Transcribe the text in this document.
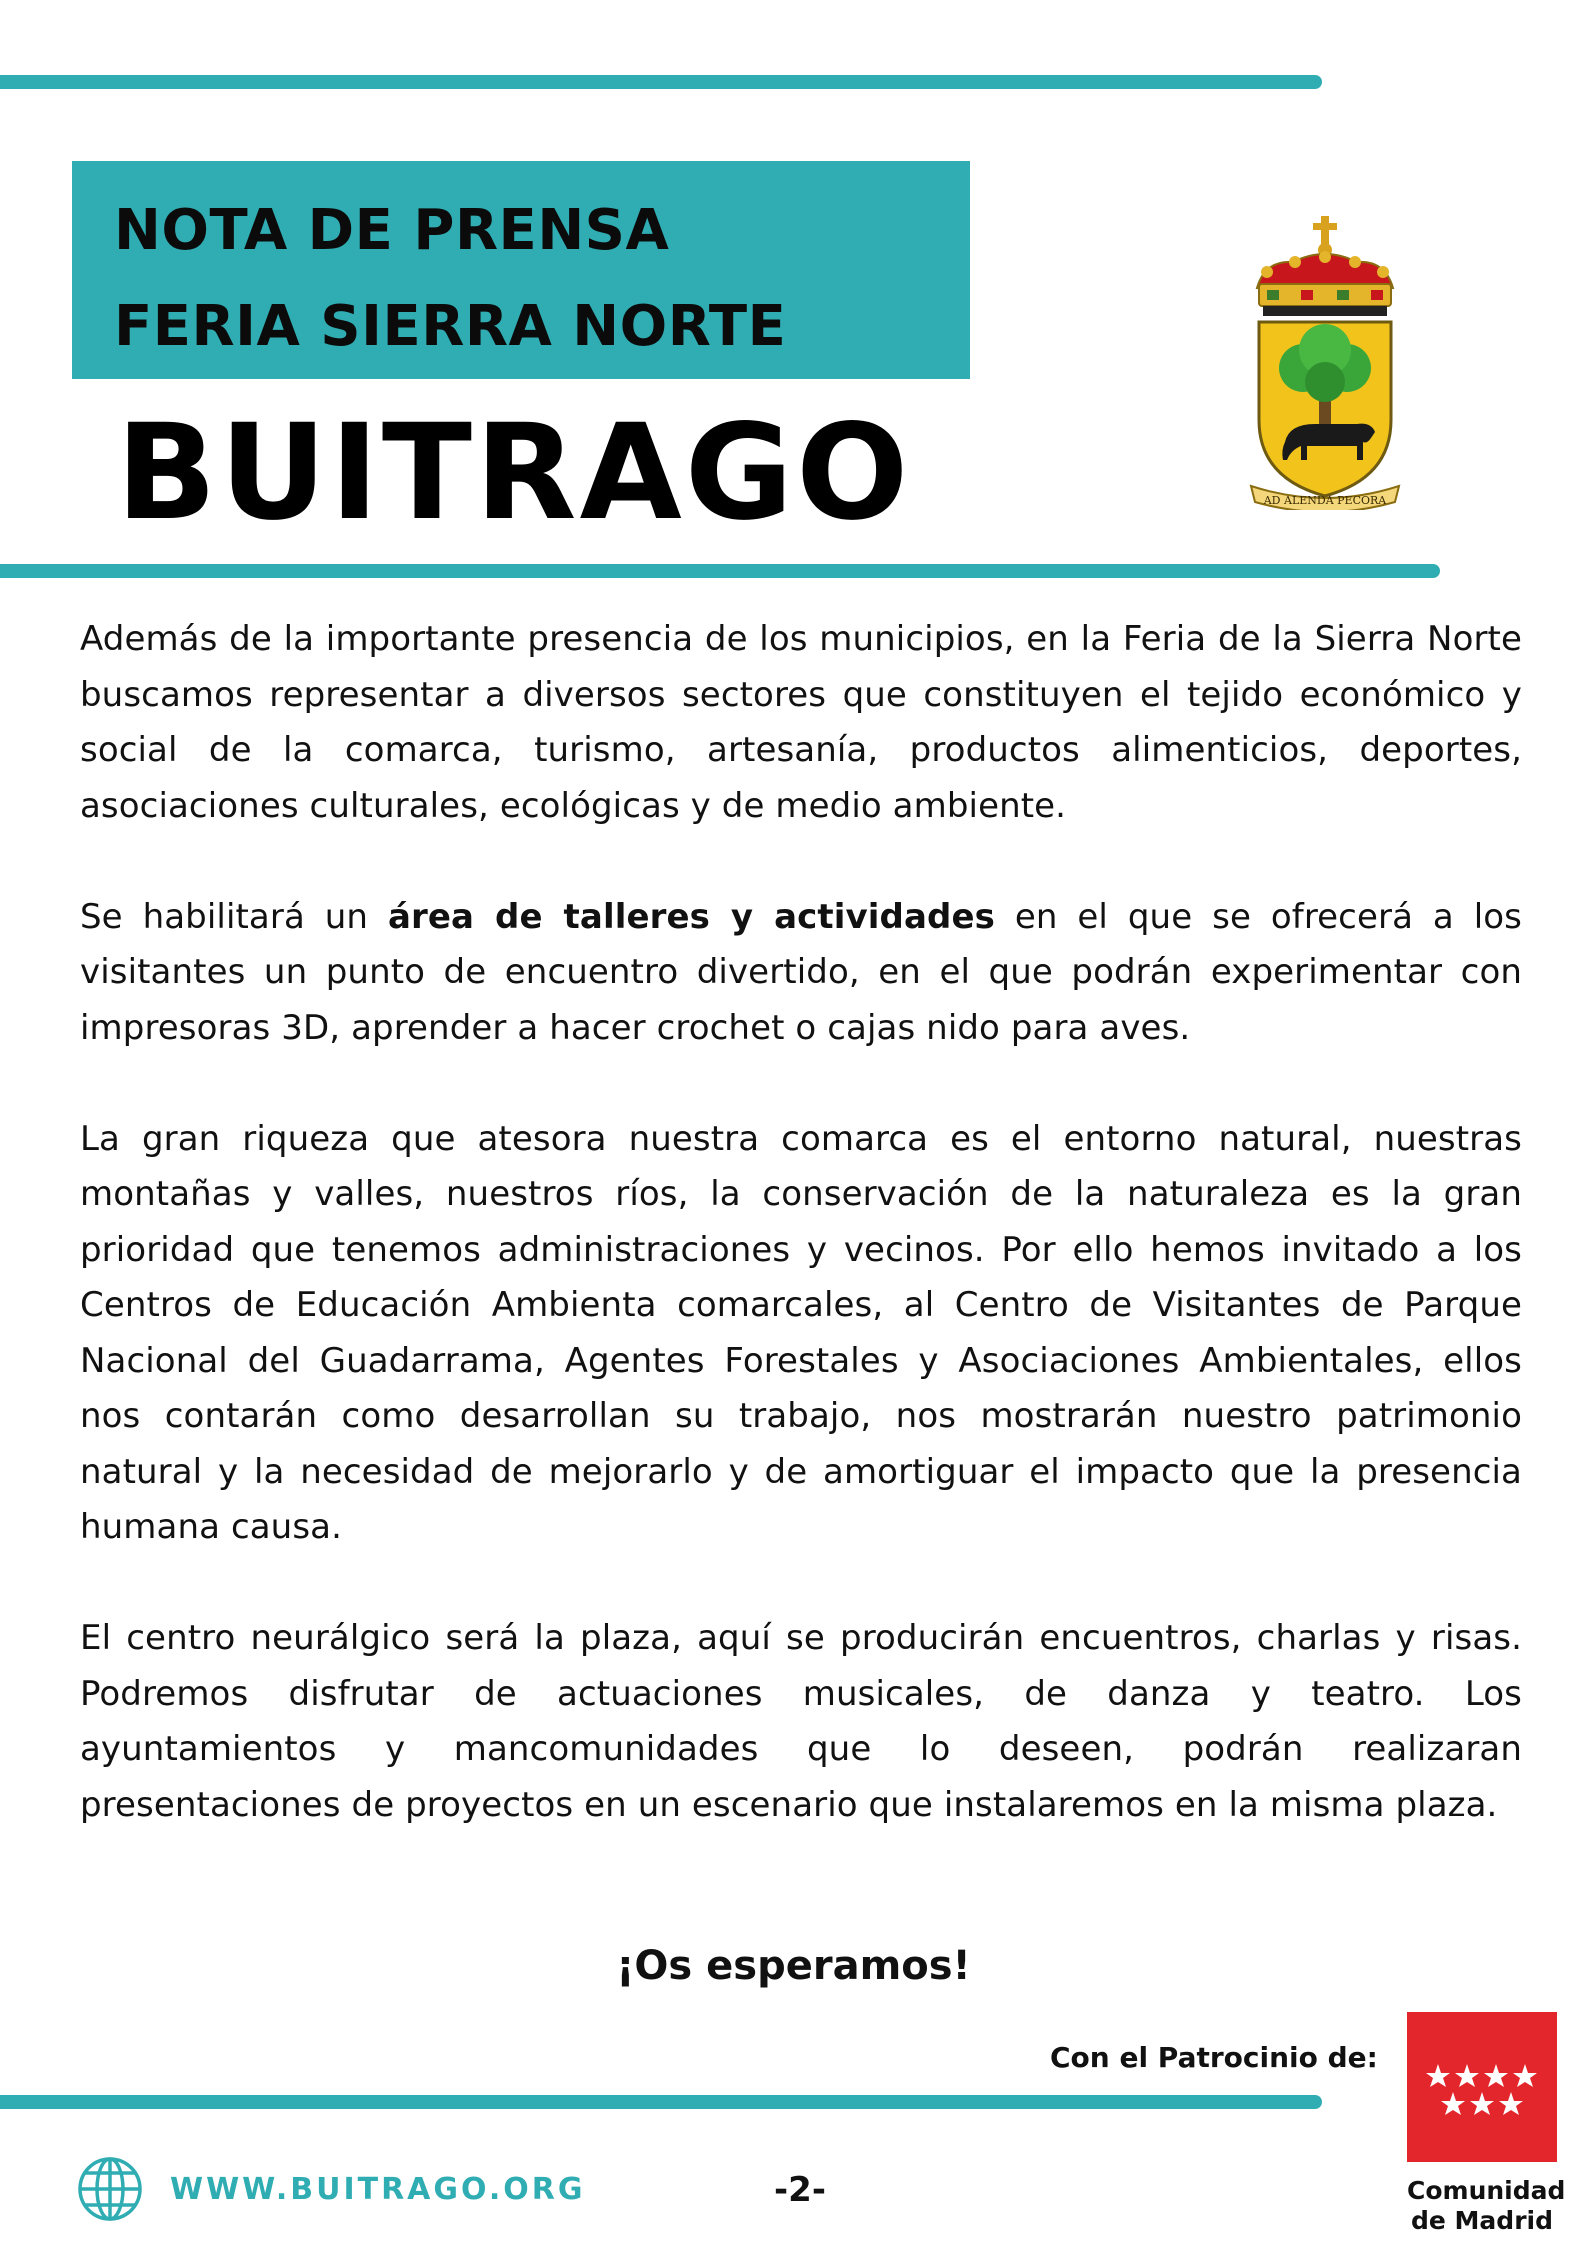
NOTA DE PRENSA
FERIA SIERRA NORTE
BUITRAGO	AD ALENDA PECORA

Además de la importante presencia de los municipios, en la Feria de la Sierra Norte buscamos representar a diversos sectores que constituyen el tejido económico y social de la comarca, turismo, artesanía, productos alimenticios, deportes, asociaciones culturales, ecológicas y de medio ambiente.

Se habilitará un área de talleres y actividades en el que se ofrecerá a los visitantes un punto de encuentro divertido, en el que podrán experimentar con impresoras 3D, aprender a hacer crochet o cajas nido para aves.

La gran riqueza que atesora nuestra comarca es el entorno natural, nuestras montañas y valles, nuestros ríos, la conservación de la naturaleza es la gran prioridad que tenemos administraciones y vecinos. Por ello hemos invitado a los Centros de Educación Ambienta comarcales, al Centro de Visitantes de Parque Nacional del Guadarrama, Agentes Forestales y Asociaciones Ambientales, ellos nos contarán como desarrollan su trabajo, nos mostrarán nuestro patrimonio natural y la necesidad de mejorarlo y de amortiguar el impacto que la presencia humana causa.

El centro neurálgico será la plaza, aquí se producirán encuentros, charlas y risas. Podremos disfrutar de actuaciones musicales, de danza y teatro. Los ayuntamientos y mancomunidades que lo deseen, podrán realizaran presentaciones de proyectos en un escenario que instalaremos en la misma plaza.

¡Os esperamos!
Con el Patrocinio de:
Comunidad
de Madrid
WWW.BUITRAGO.ORG	-2-
